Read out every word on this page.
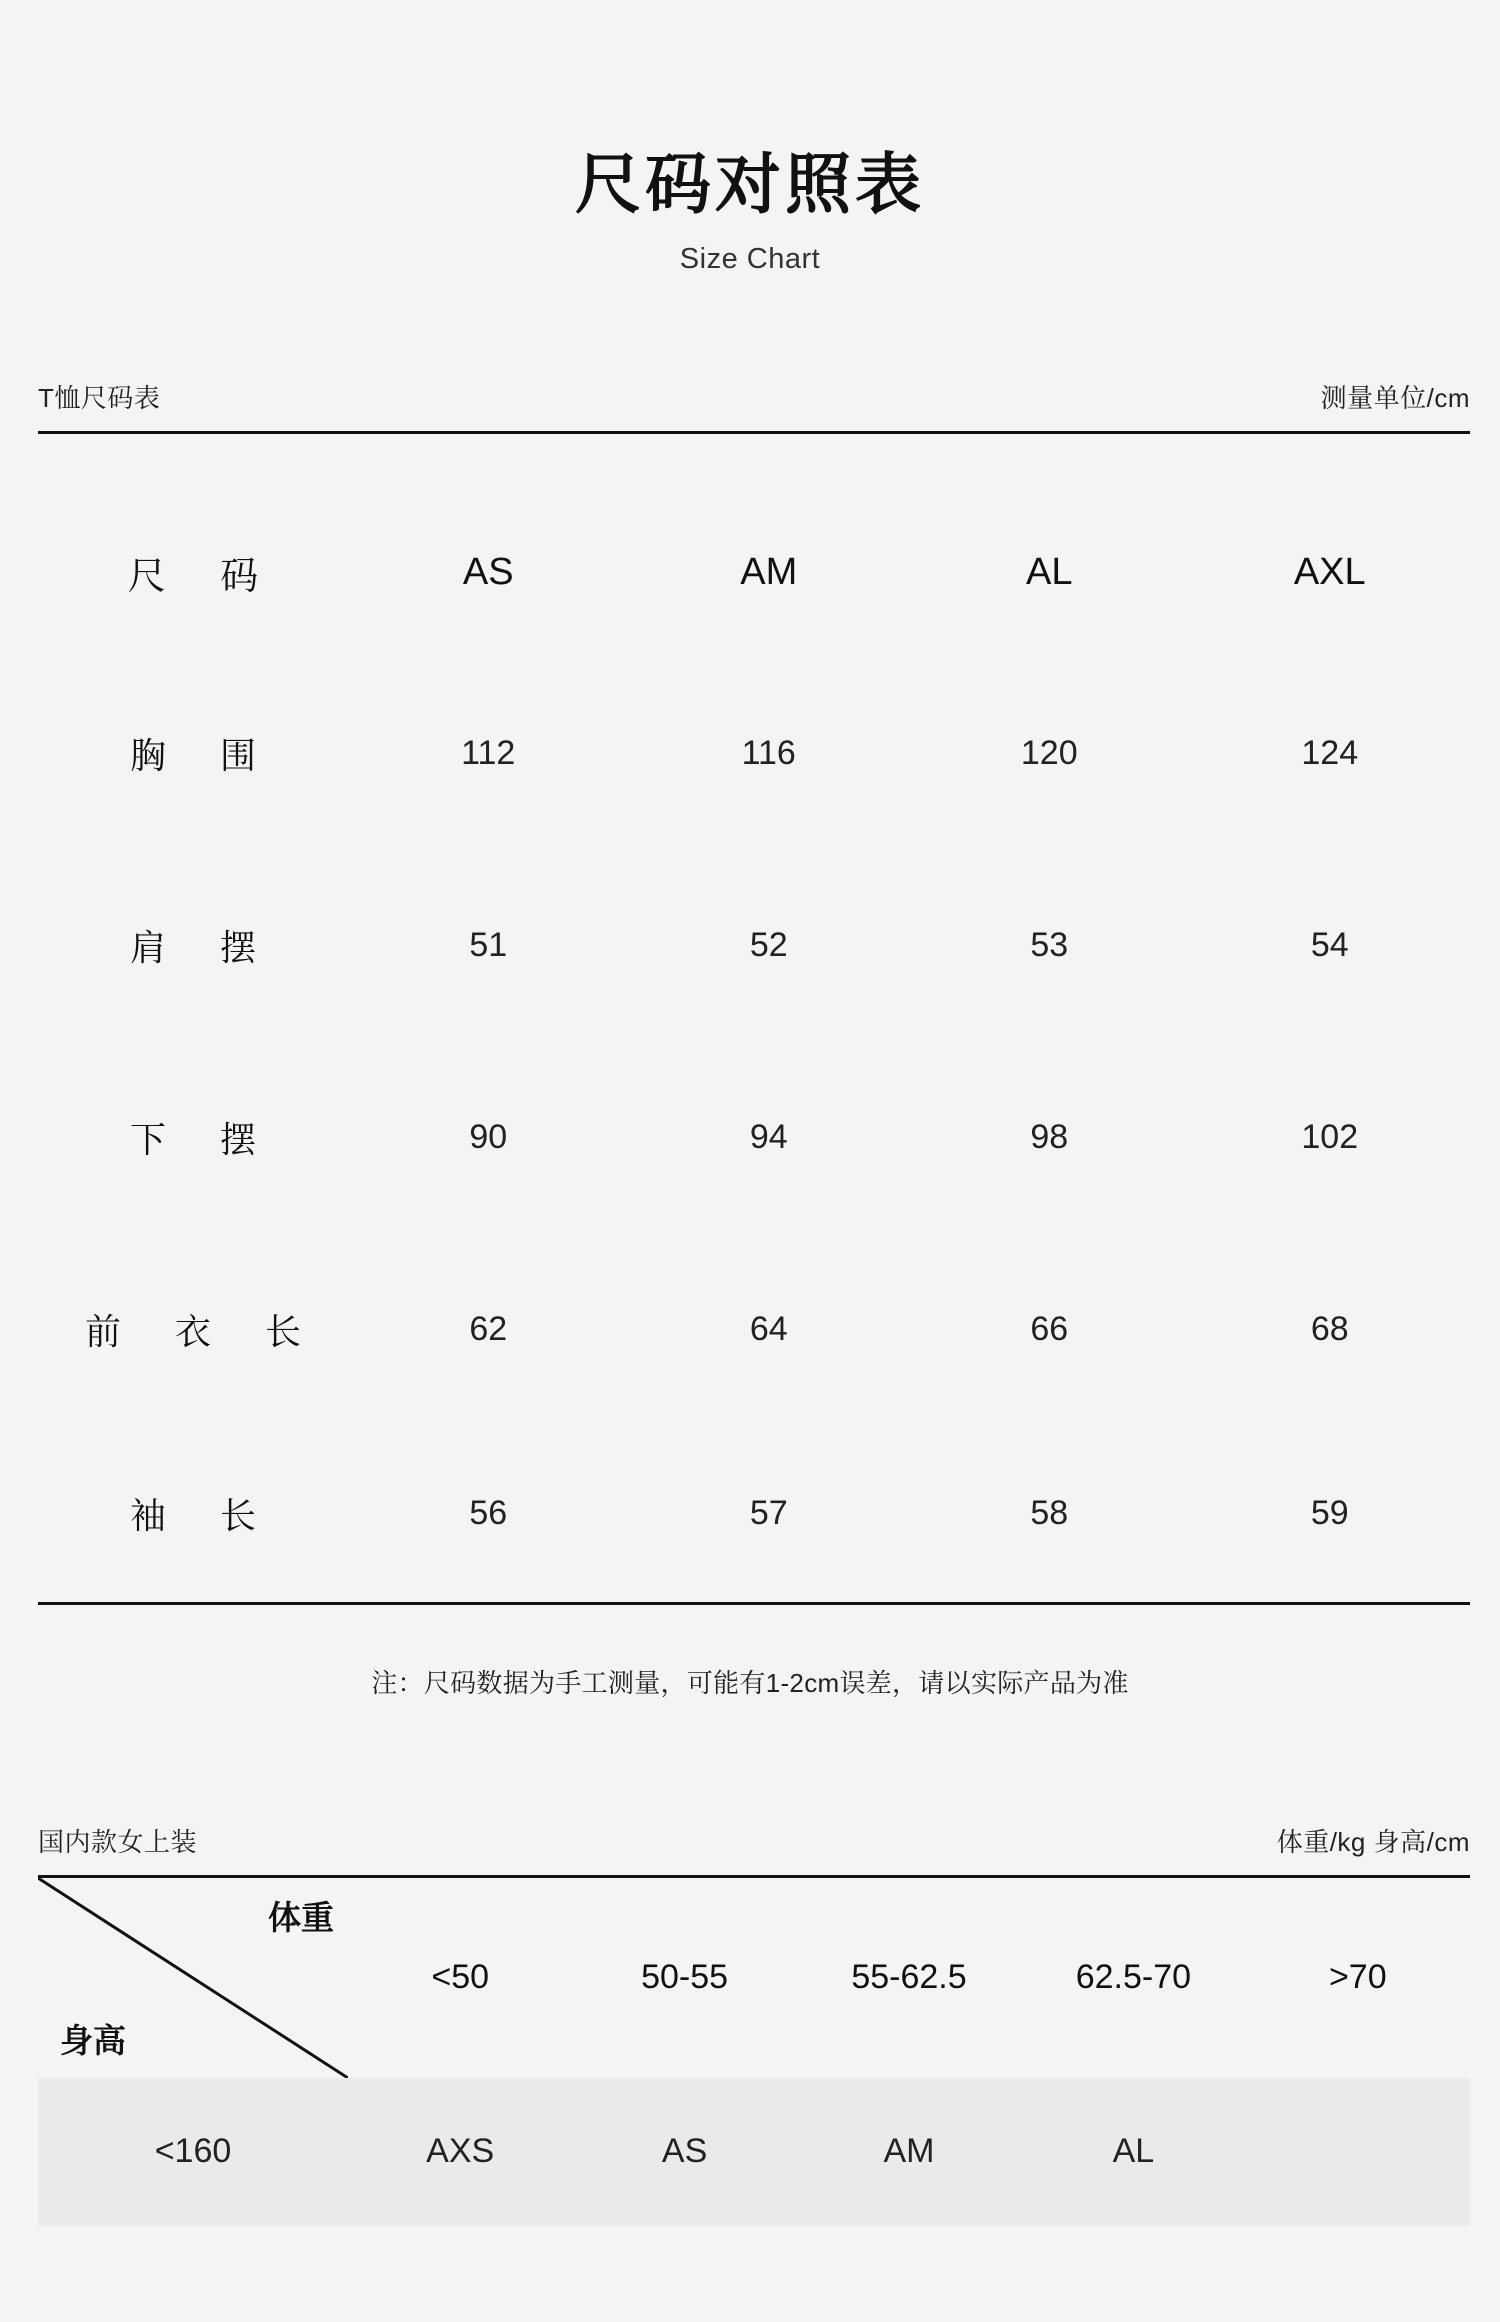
尺码对照表
Size Chart
T恤尺码表	测量单位/cm
尺 码	AS	AM	AL	AXL
胸 围	112	116	120	124
肩 摆	51	52	53	54
下 摆	90	94	98	102
前 衣 长	62	64	66	68
袖 长	56	57	58	59
注：尺码数据为手工测量，可能有1-2cm误差，请以实际产品为准
国内款女上装	体重/kg 身高/cm
体重
身高	<50	50-55	55-62.5	62.5-70	>70
<160	AXS	AS	AM	AL	
